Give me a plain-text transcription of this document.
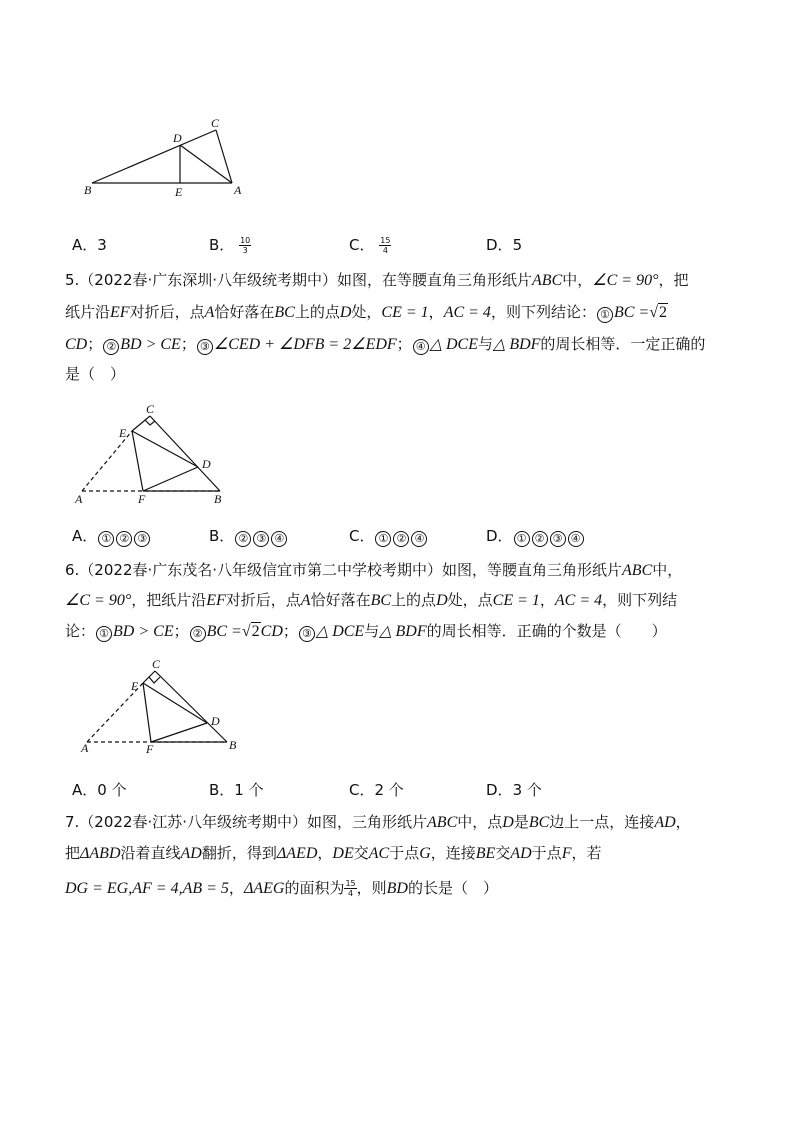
C
D
B	E	A
A．3	B． $\frac{10}{3}$	C． $\frac{15}{4}$	D．5
5.（2022春·广东深圳·八年级统考期中）如图，在等腰直角三角形纸片ABC中，∠C = 90°，把
纸片沿EF对折后，点A恰好落在BC上的点D处，CE = 1，AC = 4，则下列结论： ① BC =√2
CD； ② BD > CE； ③ ∠CED + ∠DFB = 2∠EDF； ④ △ DCE与△ BDF的周长相等．一定正确的
是（　）
C
E
D
A	F	B
A． ① ② ③	B． ② ③ ④	C． ① ② ④	D． ① ② ③ ④
6.（2022春·广东茂名·八年级信宜市第二中学校考期中）如图，等腰直角三角形纸片ABC中，
∠C = 90°，把纸片沿EF对折后，点A恰好落在BC上的点D处，点CE = 1，AC = 4，则下列结
论： ① BD > CE； ② BC =√2CD； ③ △ DCE与△ BDF的周长相等．正确的个数是（　　）
C
E
D
A	F	B
A．0 个	B．1 个	C．2 个	D．3 个
7.（2022春·江苏·八年级统考期中）如图，三角形纸片ABC中，点D是BC边上一点，连接AD，
把ΔABD沿着直线AD翻折，得到ΔAED，DE交AC于点G，连接BE交AD于点F，若
DG = EG,AF = 4,AB = 5，ΔAEG的面积为 $\frac{15}{4}$ ，则BD的长是（　）
